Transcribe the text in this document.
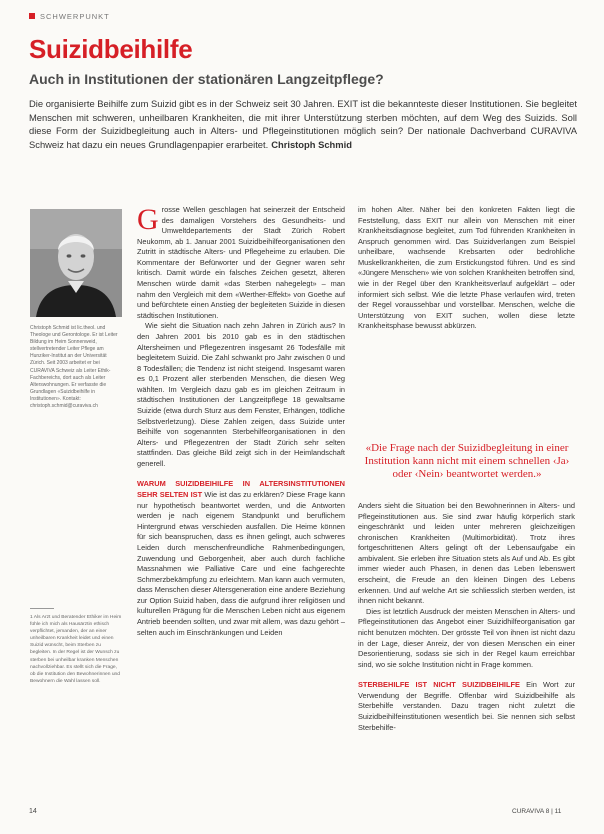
SCHWERPUNKT
Suizidbeihilfe
Auch in Institutionen der stationären Langzeitpflege?

Die organisierte Beihilfe zum Suizid gibt es in der Schweiz seit 30 Jahren. EXIT ist die bekannteste dieser Institutionen. Sie begleitet Menschen mit schweren, unheilbaren Krankheiten, die mit ihrer Unterstützung sterben möchten, auf dem Weg des Suizids. Soll diese Form der Suizidbegleitung auch in Alters- und Pflegeinstitutionen möglich sein? Der nationale Dachverband CURAVIVA Schweiz hat dazu ein neues Grundlagenpapier erarbeitet. Christoph Schmid

Christoph Schmid ist lic.theol. und Theologe und Gerontologe. Er ist Leiter Bildung im Heim Sonnenweid, stellvertretender Leiter Pflege am Hunziker-Institut an der Universität Zürich. Seit 2003 arbeitet er bei CURAVIVA Schweiz als Leiter Ethik-Fachbereichs, dort auch als Leiter Alterswohnungen. Er verfasste die Grundlagen «Suizidbeihilfe in Institutionen». Kontakt: christoph.schmid@curaviva.ch

1 Als Arzt und Beratender Ethiker im Heim fühle ich mich als Hausärztin ethisch verpflichtet, jemanden, der an einer unheilbaren Krankheit leidet und einen Suizid wünscht, beim Sterben zu begleiten. In der Regel ist der Wunsch zu sterben bei unheilbar kranken Menschen nachvollziehbar. Es stellt sich die Frage, ob die Institution den Bewohnerinnen und Bewohnern die Wahl lassen soll.

Grosse Wellen geschlagen hat seinerzeit der Entscheid des damaligen Vorstehers des Gesundheits- und Umweltdepartements der Stadt Zürich Robert Neukomm, ab 1. Januar 2001 Suizidbeihilfeorganisationen den Zutritt in städtische Alters- und Pflegeheime zu erlauben. Die Kommentare der Befürworter und der Gegner waren sehr kritisch. Damit würde ein falsches Zeichen gesetzt, älteren Menschen würde damit «das Sterben nahegelegt» – man nahm den Vergleich mit dem «Werther-Effekt» von Goethe auf und befürchtete einen Anstieg der begleiteten Suizide in diesen städtischen Institutionen.

Wie sieht die Situation nach zehn Jahren in Zürich aus? In den Jahren 2001 bis 2010 gab es in den städtischen Altersheimen und Pflegezentren insgesamt 26 Todesfälle mit begleitetem Suizid. Die Zahl schwankt pro Jahr zwischen 0 und 8 Todesfällen; die Tendenz ist nicht steigend. Insgesamt waren es 0,1 Prozent aller sterbenden Menschen, die diesen Weg wählten. Im Vergleich dazu gab es im gleichen Zeitraum in städtischen Institutionen der Langzeitpflege 18 gewaltsame Suizide (etwa durch Sturz aus dem Fenster, Erhängen, tödliche Selbstverletzung). Diese Zahlen zeigen, dass Suizide unter Beihilfe von sogenannten Sterbehilfeorganisationen in den Alters- und Pflegezentren der Stadt Zürich sehr selten stattfinden. Das gleiche Bild zeigt sich in der Heimlandschaft generell.

WARUM SUIZIDBEIHILFE IN ALTERSINSTITUTIONEN SEHR SELTEN IST Wie ist das zu erklären? Diese Frage kann nur hypothetisch beantwortet werden, und die Antworten werden je nach eigenem Standpunkt und beruflichem Hintergrund etwas verschieden ausfallen. Die Heime können für sich beanspruchen, dass es ihnen gelingt, auch schweres Leiden durch menschenfreundliche Rahmenbedingungen, Zuwendung und Geborgenheit, aber auch durch fachliche Massnahmen wie Palliative Care und eine fachgerechte Schmerzbekämpfung zu erleichtern. Man kann auch vermuten, dass Menschen dieser Altersgeneration eine andere Beziehung zur Option Suizid haben, dass die aufgrund ihrer religiösen und kulturellen Prägung für die Menschen Leben nicht aus eigenem Antrieb beenden sollten, und zwar mit allem, was dazu gehört – selten auch im Einschränkungen und Leiden

im hohen Alter. Näher bei den konkreten Fakten liegt die Feststellung, dass EXIT nur allein von Menschen mit einer Krankheitsdiagnose begleitet, zum Tod führenden Krankheiten in Anspruch genommen wird. Das Suizidverlangen zum Beispiel unheilbare, wachsende Krebsarten oder bedrohliche Muskelkrankheiten, die zum Erstickungstod führen. Und es sind «Jüngere Menschen» wie von solchen Krankheiten betroffen sind, wie in der Regel über den Krankheitsverlauf aufgeklärt – oder informiert sich selbst. Wie die letzte Phase verlaufen wird, treten der Regel voraussehbar und vorstellbar. Menschen, welche die Unterstützung von EXIT suchen, wollen diese letzte Krankheitsphase bewusst abkürzen.

«Die Frage nach der Suizidbegleitung in einer Institution kann nicht mit einem schnellen ‹Ja› oder ‹Nein› beantwortet werden.»

Anders sieht die Situation bei den Bewohnerinnen in Alters- und Pflegeinstitutionen aus. Sie sind zwar häufig körperlich stark eingeschränkt und leiden unter mehreren gleichzeitigen chronischen Krankheiten (Multimorbidität). Trotz ihres fortgeschrittenen Alters gelingt oft der Lebensaufgabe ein ambivalent. Sie erleben ihre Situation stets als Auf und Ab. Es gibt immer wieder auch Phasen, in denen das Leben lebenswert erscheint, die Freude an den kleinen Dingen des Lebens erkennen. Und auf welche Art sie schliesslich sterben werden, ist ihnen nicht bekannt.

Dies ist letztlich Ausdruck der meisten Menschen in Alters- und Pflegeinstitutionen das Angebot einer Suizidhilfeorganisation gar nicht benutzen möchten. Der grösste Teil von ihnen ist nicht dazu in der Lage, dieser Anreiz, der von diesen Menschen ein einer Desorientierung, sodass sie sich in der Regel kaum erreichbar sind, wo sie solche Institution nicht in Frage kommen.

STERBEHILFE IST NICHT SUIZIDBEIHILFE Ein Wort zur Verwendung der Begriffe. Offenbar wird Suizidbeihilfe als Sterbehilfe verstanden. Dazu tragen nicht zuletzt die Suizidbeihilfeinstitutionen wesentlich bei. Sie nennen sich selbst Sterbehilfe-

14	CURAVIVA 8 | 11
